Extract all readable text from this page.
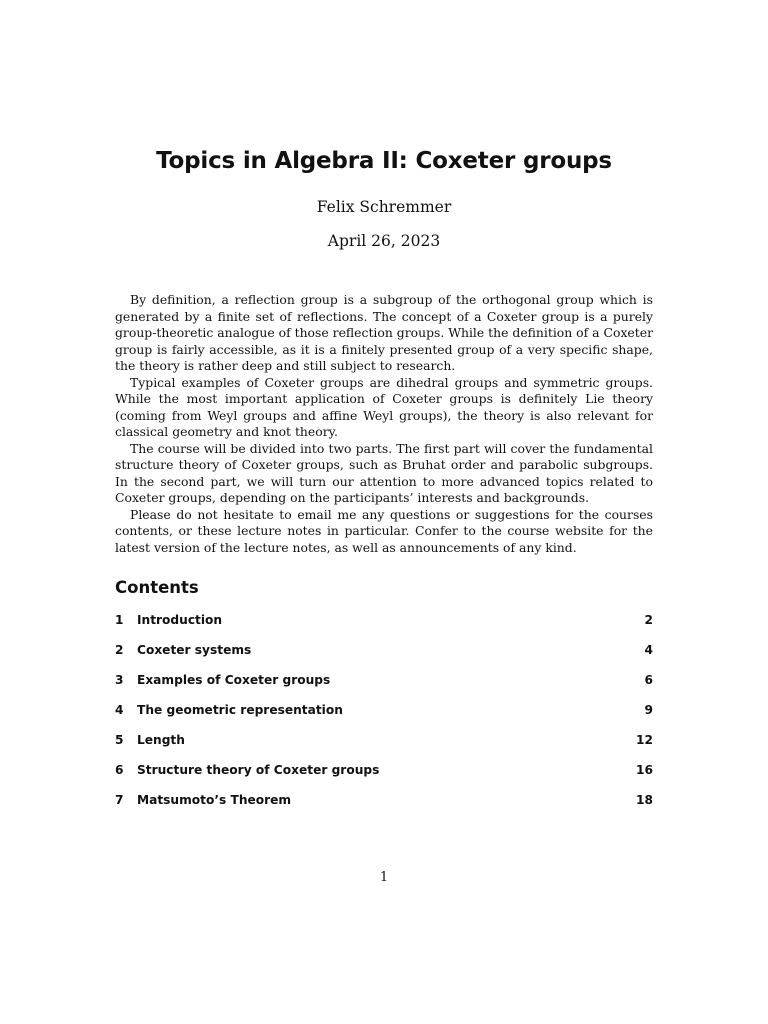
Topics in Algebra II: Coxeter groups
Felix Schremmer
April 26, 2023

By definition, a reflection group is a subgroup of the orthogonal group which is generated by a finite set of reflections. The concept of a Coxeter group is a purely group-theoretic analogue of those reflection groups. While the definition of a Coxeter group is fairly accessible, as it is a finitely presented group of a very specific shape, the theory is rather deep and still subject to research.

Typical examples of Coxeter groups are dihedral groups and symmetric groups. While the most important application of Coxeter groups is definitely Lie theory (coming from Weyl groups and affine Weyl groups), the theory is also relevant for classical geometry and knot theory.

The course will be divided into two parts. The first part will cover the fundamental structure theory of Coxeter groups, such as Bruhat order and parabolic subgroups. In the second part, we will turn our attention to more advanced topics related to Coxeter groups, depending on the participants’ interests and backgrounds.

Please do not hesitate to email me any questions or suggestions for the courses contents, or these lecture notes in particular. Confer to the course website for the latest version of the lecture notes, as well as announcements of any kind.

Contents
1 Introduction	2
2 Coxeter systems	4
3 Examples of Coxeter groups	6
4 The geometric representation	9
5 Length	12
6 Structure theory of Coxeter groups	16
7 Matsumoto’s Theorem	18
1
